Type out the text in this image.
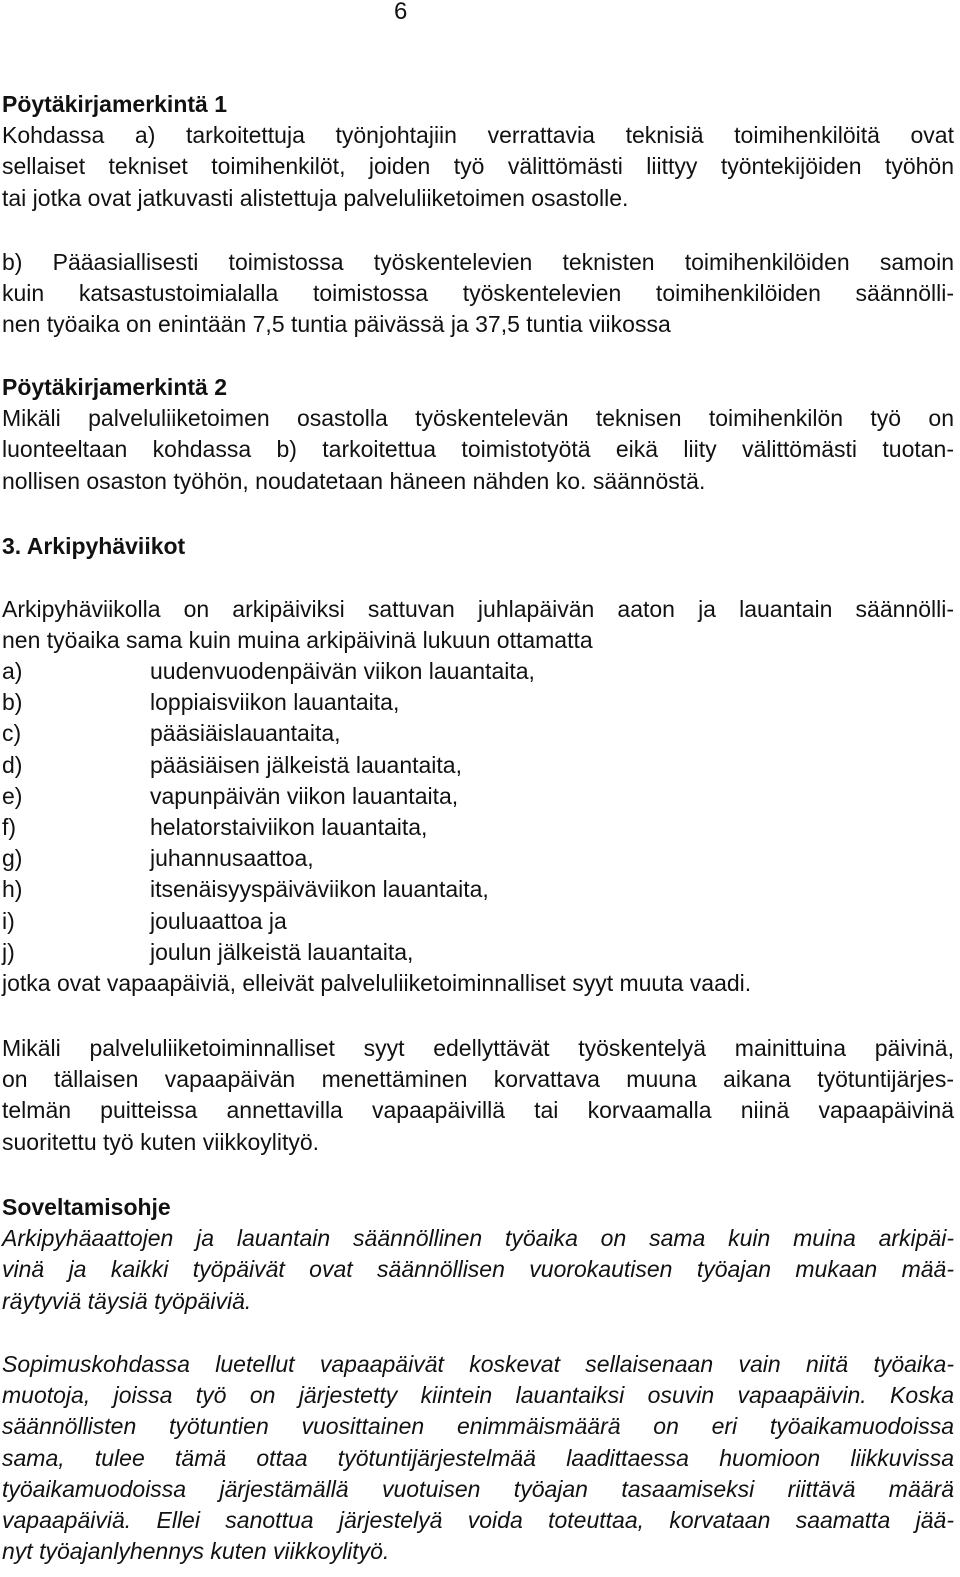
6
Pöytäkirjamerkintä 1
Kohdassa a) tarkoitettuja työnjohtajiin verrattavia teknisiä toimihenkilöitä ovat
sellaiset tekniset toimihenkilöt, joiden työ välittömästi liittyy työntekijöiden työhön
tai jotka ovat jatkuvasti alistettuja palveluliiketoimen osastolle.
b) Pääasiallisesti toimistossa työskentelevien teknisten toimihenkilöiden samoin
kuin katsastustoimialalla toimistossa työskentelevien toimihenkilöiden säännölli-
nen työaika on enintään 7,5 tuntia päivässä ja 37,5 tuntia viikossa
Pöytäkirjamerkintä 2
Mikäli palveluliiketoimen osastolla työskentelevän teknisen toimihenkilön työ on
luonteeltaan kohdassa b) tarkoitettua toimistotyötä eikä liity välittömästi tuotan-
nollisen osaston työhön, noudatetaan häneen nähden ko. säännöstä.
3. Arkipyhäviikot
Arkipyhäviikolla on arkipäiviksi sattuvan juhlapäivän aaton ja lauantain säännölli-
nen työaika sama kuin muina arkipäivinä lukuun ottamatta
a)	uudenvuodenpäivän viikon lauantaita,
b)	loppiaisviikon lauantaita,
c)	pääsiäislauantaita,
d)	pääsiäisen jälkeistä lauantaita,
e)	vapunpäivän viikon lauantaita,
f)	helatorstaiviikon lauantaita,
g)	juhannusaattoa,
h)	itsenäisyyspäiväviikon lauantaita,
i)	jouluaattoa ja
j)	joulun jälkeistä lauantaita,
jotka ovat vapaapäiviä, elleivät palveluliiketoiminnalliset syyt muuta vaadi.
Mikäli palveluliiketoiminnalliset syyt edellyttävät työskentelyä mainittuina päivinä,
on tällaisen vapaapäivän menettäminen korvattava muuna aikana työtuntijärjes-
telmän puitteissa annettavilla vapaapäivillä tai korvaamalla niinä vapaapäivinä
suoritettu työ kuten viikkoylityö.
Soveltamisohje
Arkipyhäaattojen ja lauantain säännöllinen työaika on sama kuin muina arkipäi-
vinä ja kaikki työpäivät ovat säännöllisen vuorokautisen työajan mukaan mää-
räytyviä täysiä työpäiviä.
Sopimuskohdassa luetellut vapaapäivät koskevat sellaisenaan vain niitä työaika-
muotoja, joissa työ on järjestetty kiintein lauantaiksi osuvin vapaapäivin. Koska
säännöllisten työtuntien vuosittainen enimmäismäärä on eri työaikamuodoissa
sama, tulee tämä ottaa työtuntijärjestelmää laadittaessa huomioon liikkuvissa
työaikamuodoissa järjestämällä vuotuisen työajan tasaamiseksi riittävä määrä
vapaapäiviä. Ellei sanottua järjestelyä voida toteuttaa, korvataan saamatta jää-
nyt työajanlyhennys kuten viikkoylityö.
